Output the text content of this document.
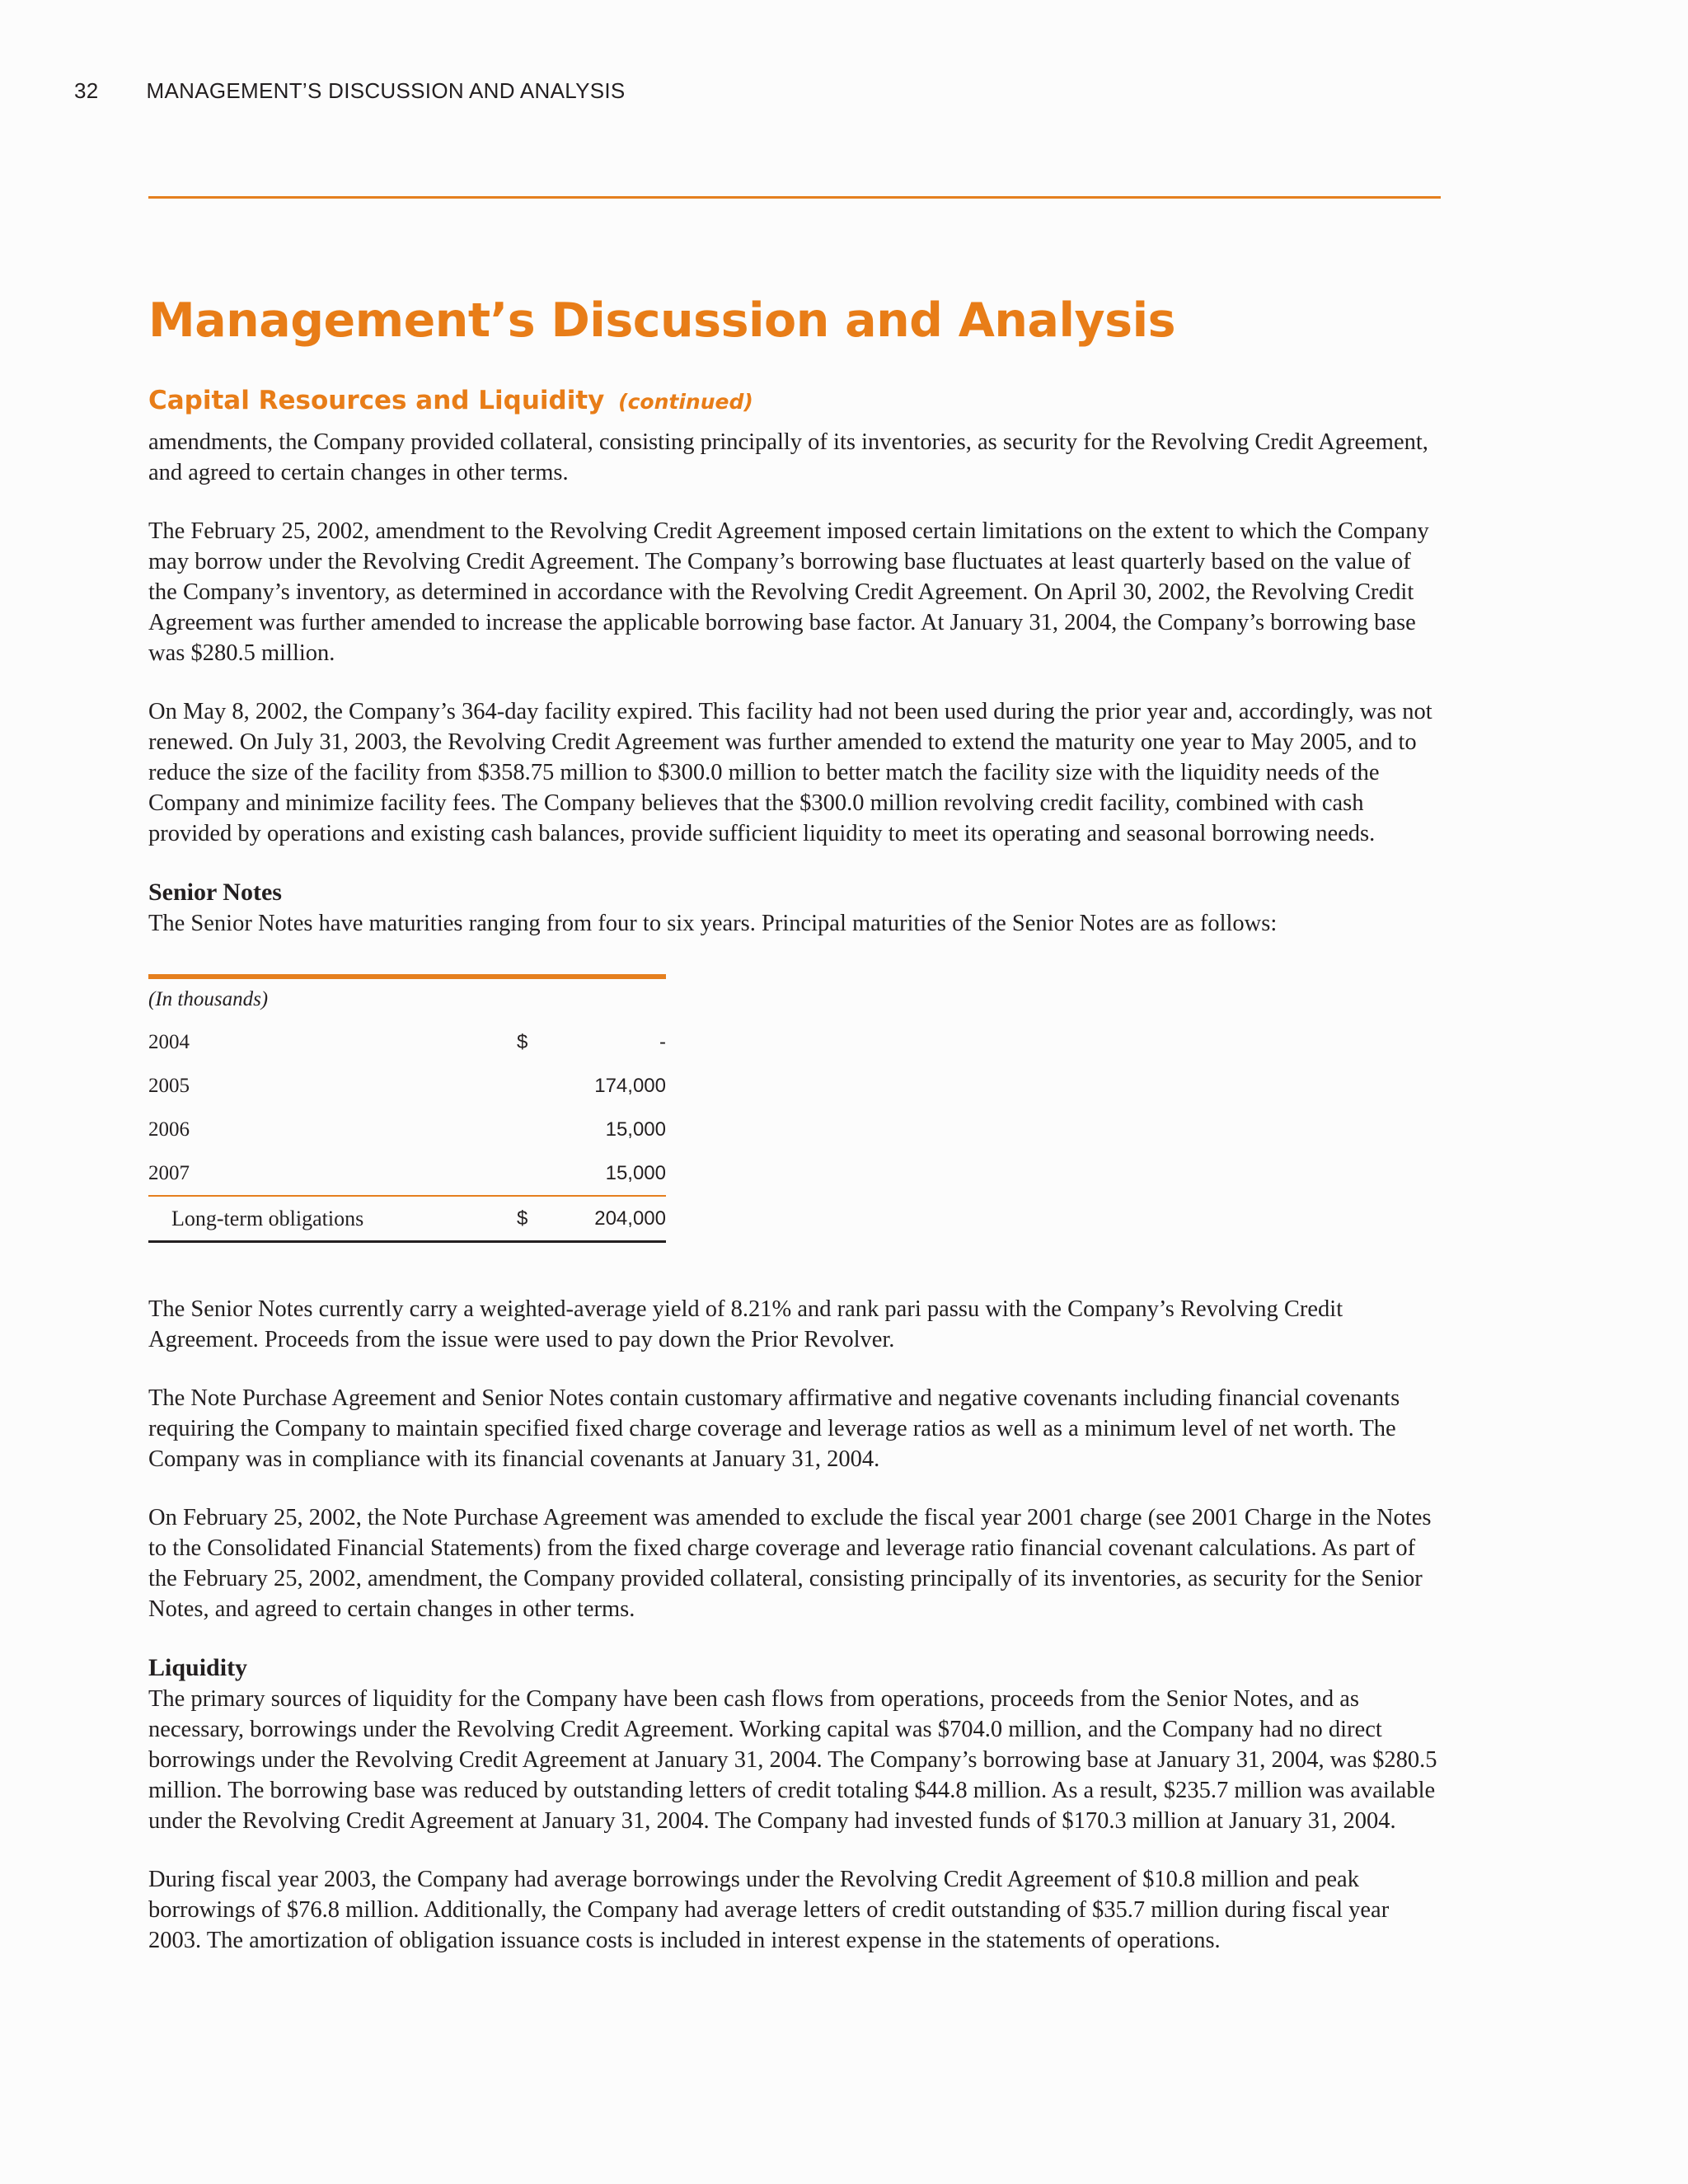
32 MANAGEMENT’S DISCUSSION AND ANALYSIS
Management’s Discussion and Analysis
Capital Resources and Liquidity (continued)

amendments, the Company provided collateral, consisting principally of its inventories, as security for the Revolving Credit Agreement, and agreed to certain changes in other terms.

The February 25, 2002, amendment to the Revolving Credit Agreement imposed certain limitations on the extent to which the Company may borrow under the Revolving Credit Agreement. The Company’s borrowing base fluctuates at least quarterly based on the value of the Company’s inventory, as determined in accordance with the Revolving Credit Agreement. On April 30, 2002, the Revolving Credit Agreement was further amended to increase the applicable borrowing base factor. At January 31, 2004, the Company’s borrowing base was $280.5 million.

On May 8, 2002, the Company’s 364-day facility expired. This facility had not been used during the prior year and, accordingly, was not renewed. On July 31, 2003, the Revolving Credit Agreement was further amended to extend the maturity one year to May 2005, and to reduce the size of the facility from $358.75 million to $300.0 million to better match the facility size with the liquidity needs of the Company and minimize facility fees. The Company believes that the $300.0 million revolving credit facility, combined with cash provided by operations and existing cash balances, provide sufficient liquidity to meet its operating and seasonal borrowing needs.

Senior Notes

The Senior Notes have maturities ranging from four to six years. Principal maturities of the Senior Notes are as follows:

(In thousands)
2004	$	-
2005	174,000
2006	15,000
2007	15,000
Long-term obligations	$	204,000

The Senior Notes currently carry a weighted-average yield of 8.21% and rank pari passu with the Company’s Revolving Credit Agreement. Proceeds from the issue were used to pay down the Prior Revolver.

The Note Purchase Agreement and Senior Notes contain customary affirmative and negative covenants including financial covenants requiring the Company to maintain specified fixed charge coverage and leverage ratios as well as a minimum level of net worth. The Company was in compliance with its financial covenants at January 31, 2004.

On February 25, 2002, the Note Purchase Agreement was amended to exclude the fiscal year 2001 charge (see 2001 Charge in the Notes to the Consolidated Financial Statements) from the fixed charge coverage and leverage ratio financial covenant calculations. As part of the February 25, 2002, amendment, the Company provided collateral, consisting principally of its inventories, as security for the Senior Notes, and agreed to certain changes in other terms.

Liquidity

The primary sources of liquidity for the Company have been cash flows from operations, proceeds from the Senior Notes, and as necessary, borrowings under the Revolving Credit Agreement. Working capital was $704.0 million, and the Company had no direct borrowings under the Revolving Credit Agreement at January 31, 2004. The Company’s borrowing base at January 31, 2004, was $280.5 million. The borrowing base was reduced by outstanding letters of credit totaling $44.8 million. As a result, $235.7 million was available under the Revolving Credit Agreement at January 31, 2004. The Company had invested funds of $170.3 million at January 31, 2004.

During fiscal year 2003, the Company had average borrowings under the Revolving Credit Agreement of $10.8 million and peak borrowings of $76.8 million. Additionally, the Company had average letters of credit outstanding of $35.7 million during fiscal year 2003. The amortization of obligation issuance costs is included in interest expense in the statements of operations.
